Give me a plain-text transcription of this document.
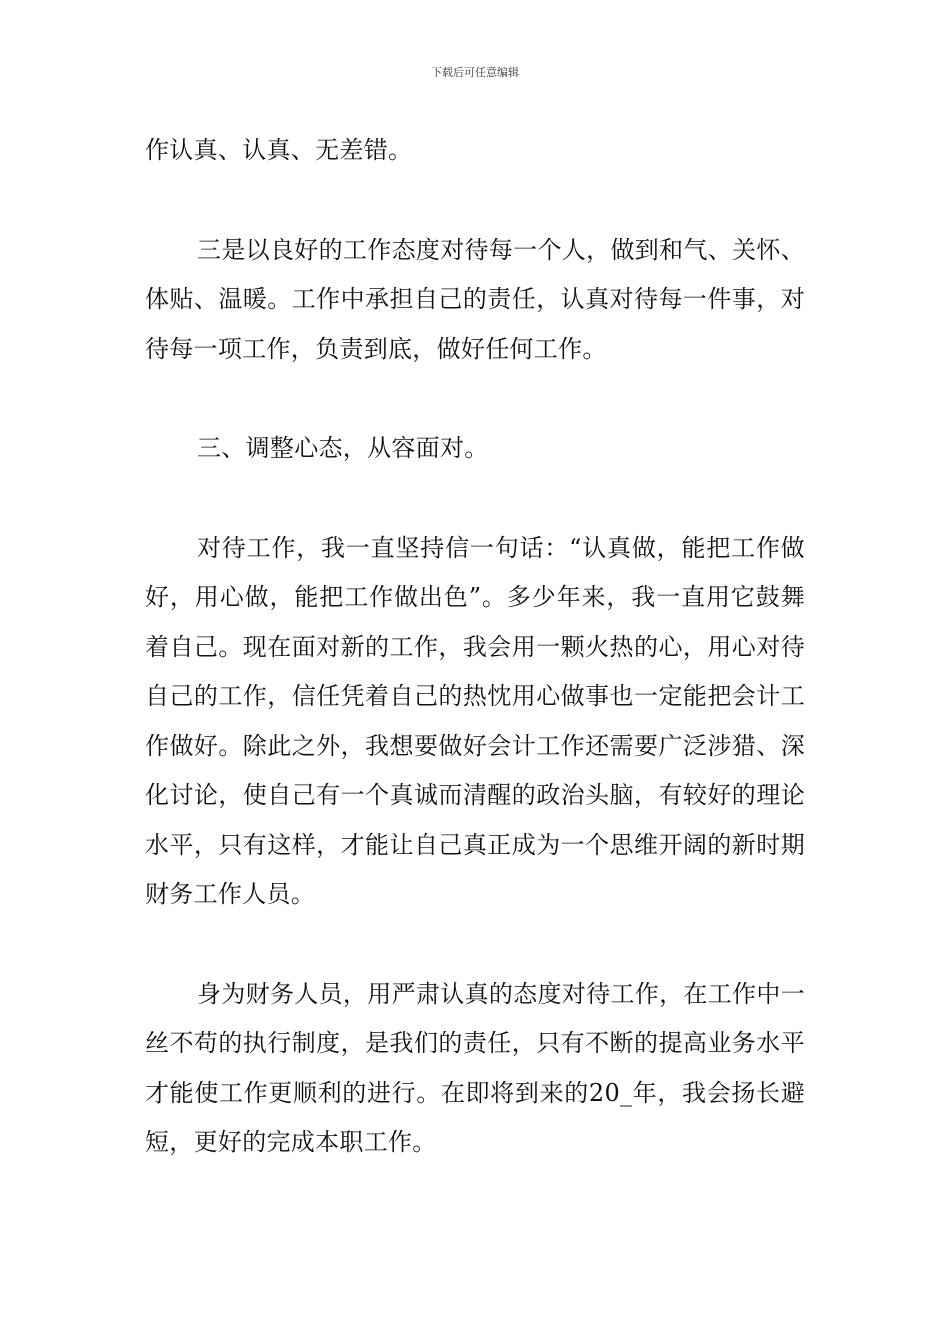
下载后可任意编辑

作认真、认真、无差错。

三是以良好的工作态度对待每一个人，做到和气、关怀、体贴、温暖。工作中承担自己的责任，认真对待每一件事，对待每一项工作，负责到底，做好任何工作。

三、调整心态，从容面对。

对待工作，我一直坚持信一句话：“认真做，能把工作做好，用心做，能把工作做出色”。多少年来，我一直用它鼓舞着自己。现在面对新的工作，我会用一颗火热的心，用心对待自己的工作，信任凭着自己的热忱用心做事也一定能把会计工作做好。除此之外，我想要做好会计工作还需要广泛涉猎、深化讨论，使自己有一个真诚而清醒的政治头脑，有较好的理论水平，只有这样，才能让自己真正成为一个思维开阔的新时期财务工作人员。

身为财务人员，用严肃认真的态度对待工作，在工作中一丝不苟的执行制度，是我们的责任，只有不断的提高业务水平才能使工作更顺利的进行。在即将到来的20_年，我会扬长避短，更好的完成本职工作。
